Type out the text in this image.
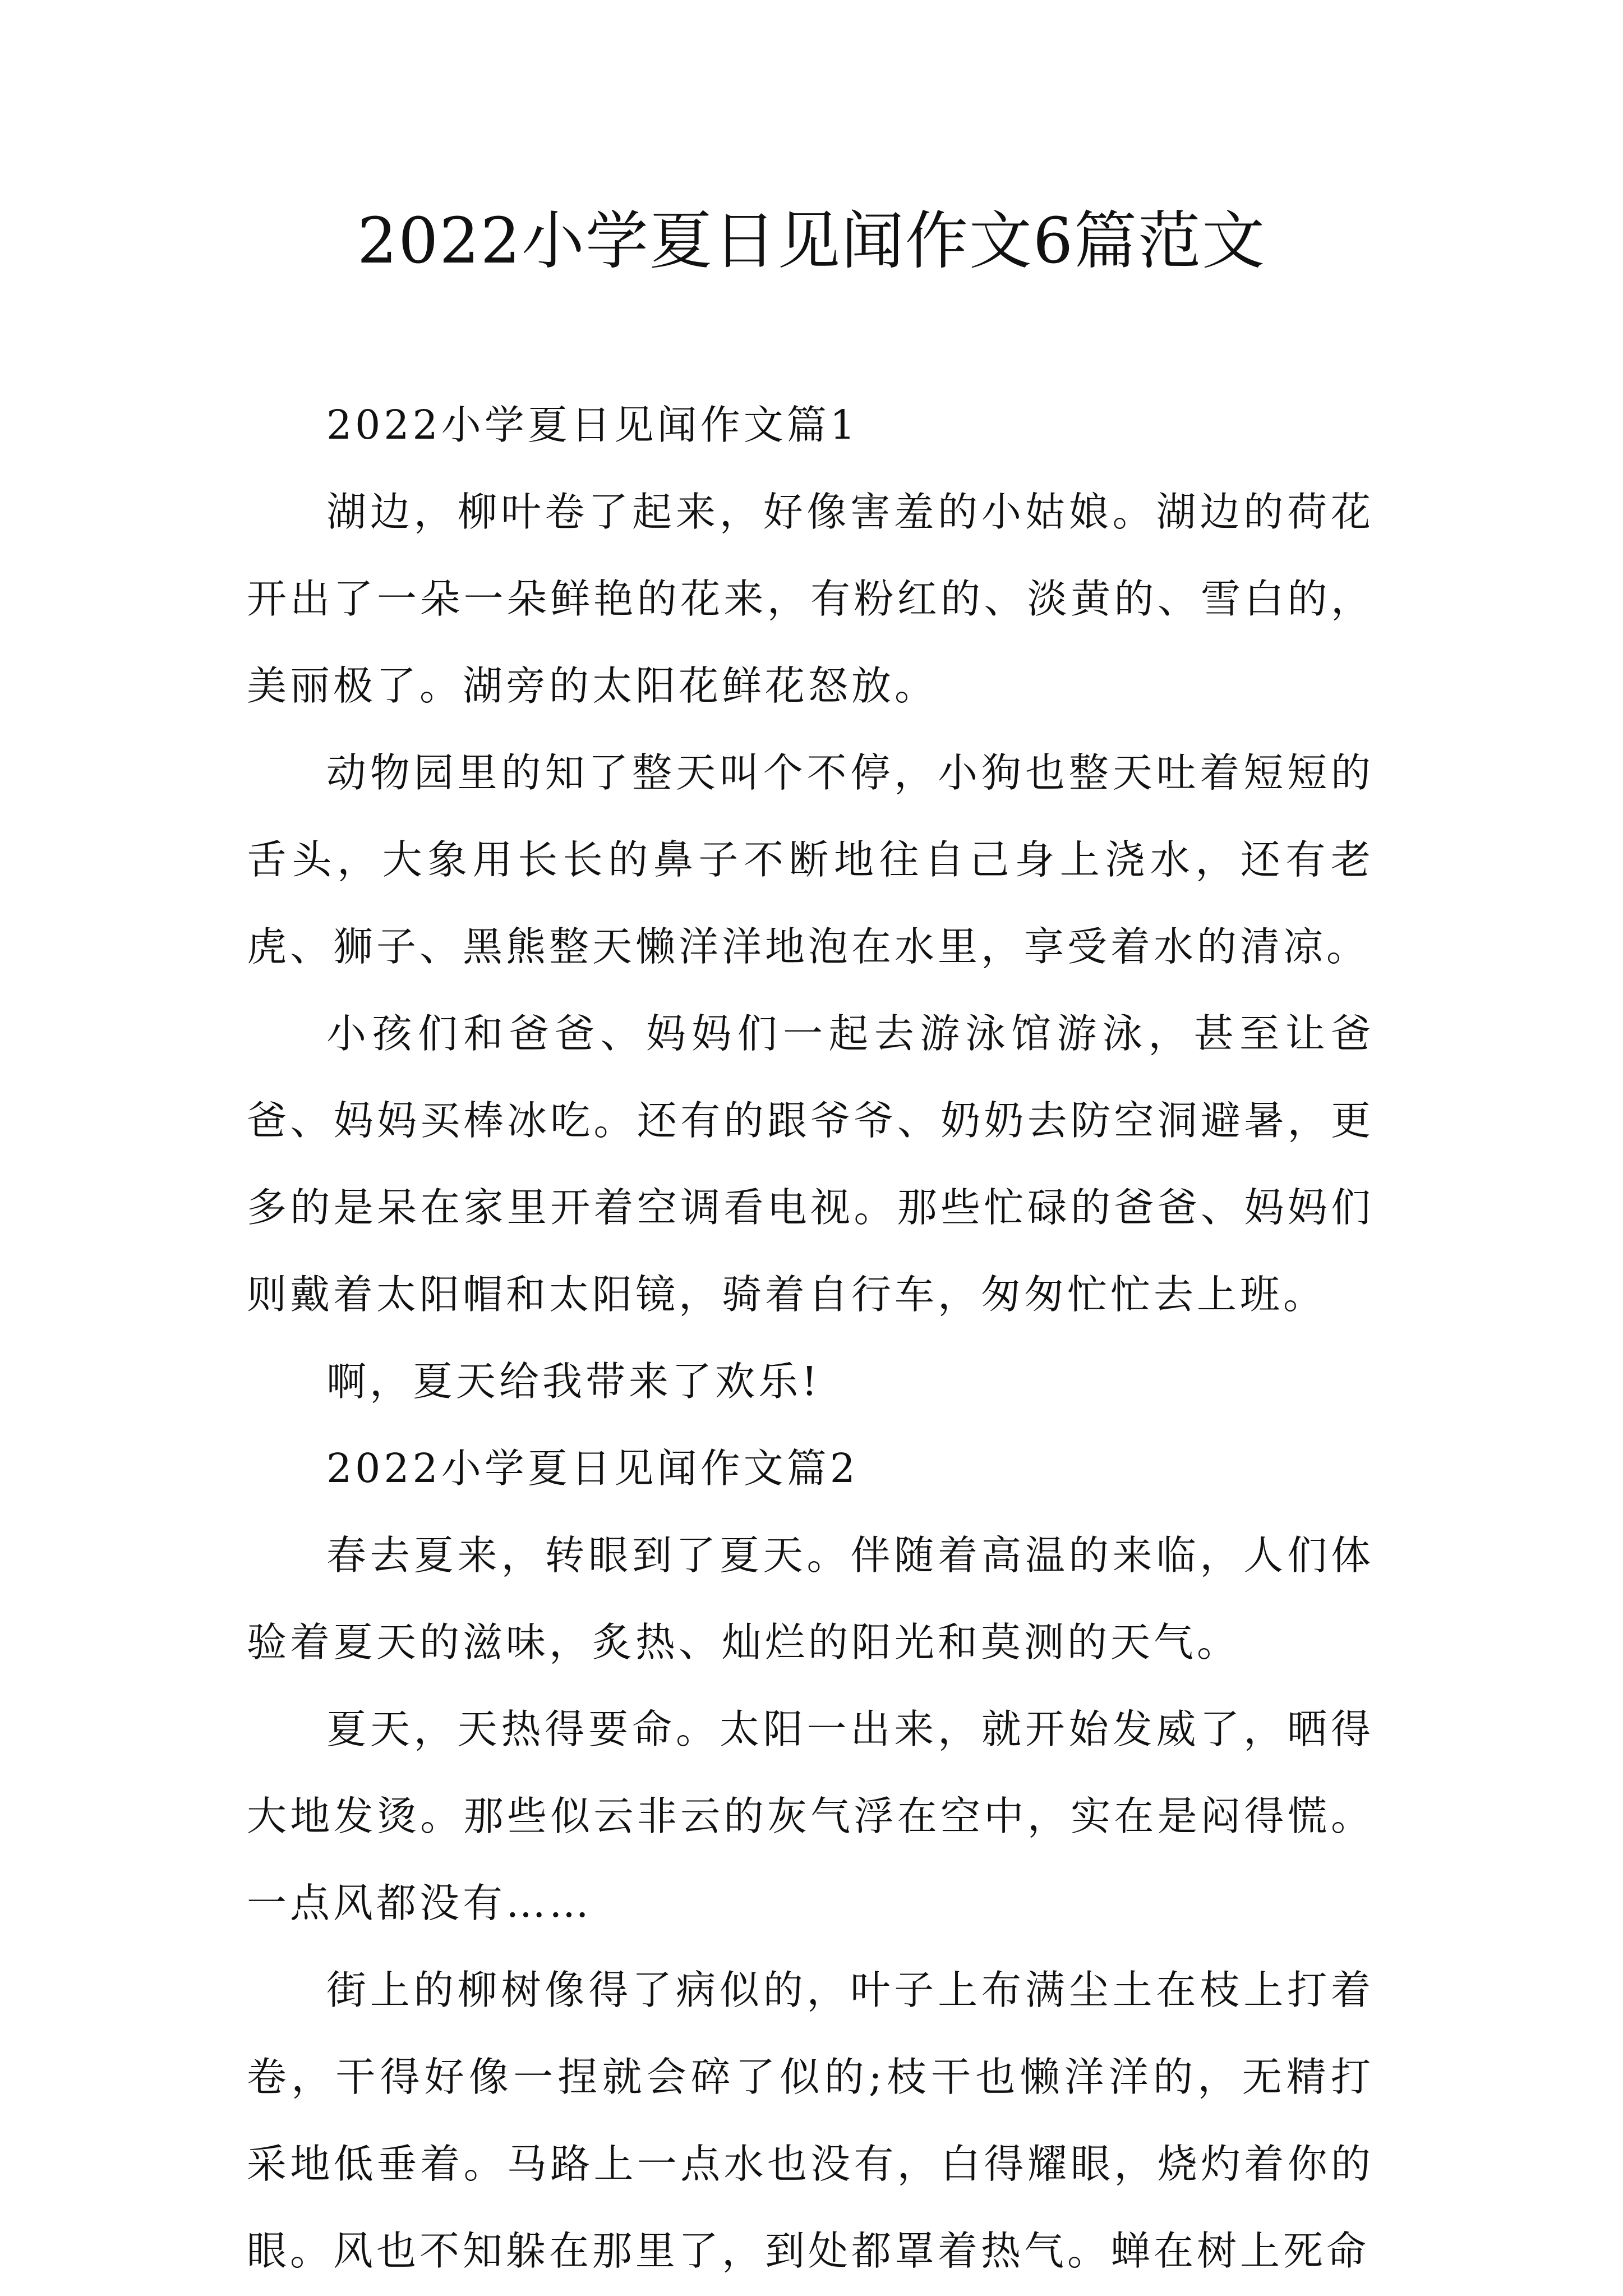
2022小学夏日见闻作文6篇范文

2022小学夏日见闻作文篇1

湖边，柳叶卷了起来，好像害羞的小姑娘。湖边的荷花开出了一朵一朵鲜艳的花来，有粉红的、淡黄的、雪白的，美丽极了。湖旁的太阳花鲜花怒放。

动物园里的知了整天叫个不停，小狗也整天吐着短短的舌头，大象用长长的鼻子不断地往自己身上浇水，还有老虎、狮子、黑熊整天懒洋洋地泡在水里，享受着水的清凉。

小孩们和爸爸、妈妈们一起去游泳馆游泳，甚至让爸爸、妈妈买棒冰吃。还有的跟爷爷、奶奶去防空洞避暑，更多的是呆在家里开着空调看电视。那些忙碌的爸爸、妈妈们则戴着太阳帽和太阳镜，骑着自行车，匆匆忙忙去上班。

啊，夏天给我带来了欢乐!

2022小学夏日见闻作文篇2

春去夏来，转眼到了夏天。伴随着高温的来临，人们体验着夏天的滋味，炙热、灿烂的阳光和莫测的天气。

夏天，天热得要命。太阳一出来，就开始发威了，晒得大地发烫。那些似云非云的灰气浮在空中，实在是闷得慌。一点风都没有……

街上的柳树像得了病似的，叶子上布满尘土在枝上打着卷，干得好像一捏就会碎了似的;枝干也懒洋洋的，无精打采地低垂着。马路上一点水也没有，白得耀眼，烧灼着你的眼。风也不知躲在那里了，到处都罩着热气。蝉在树上死命
